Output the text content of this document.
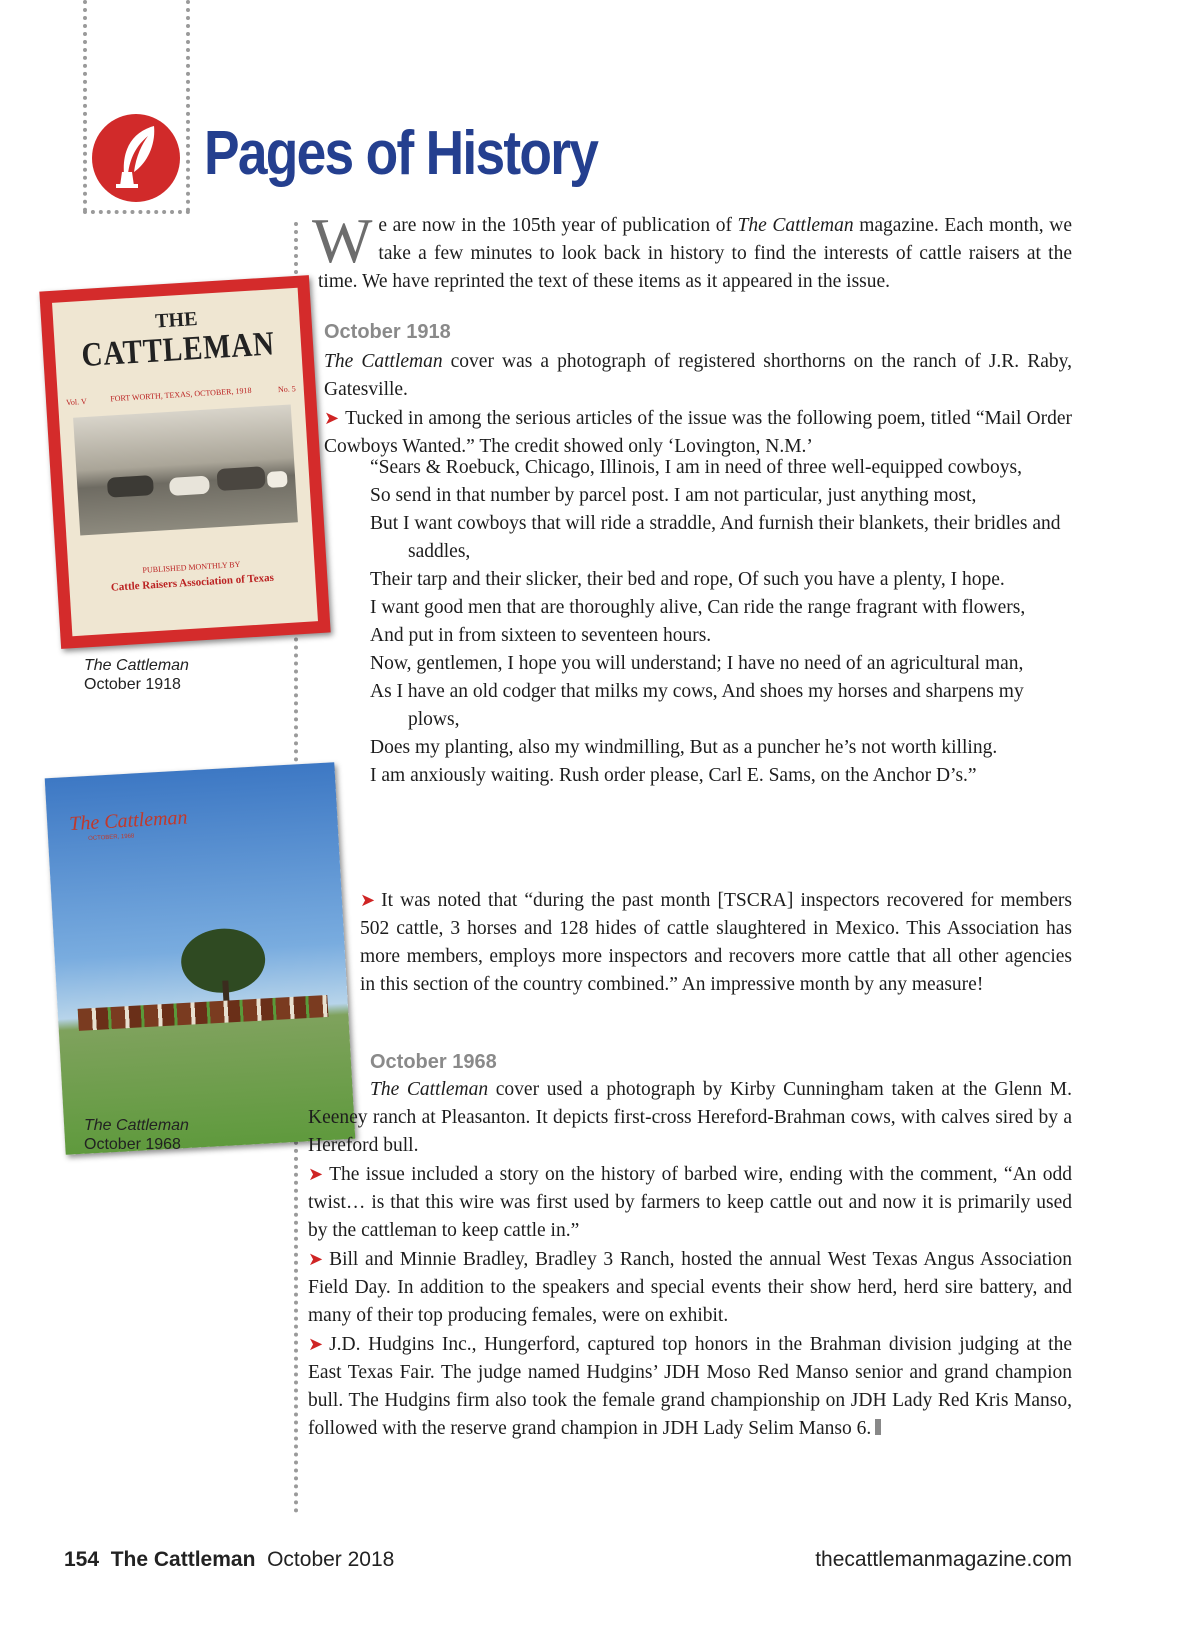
Pages of History
THE
CATTLEMAN
Vol. V	FORT WORTH, TEXAS, OCTOBER, 1918	No. 5
PUBLISHED MONTHLY BY
Cattle Raisers Association of Texas
The Cattleman
October 1918
The Cattleman
OCTOBER, 1968
The Cattleman
October 1968

We are now in the 105th year of publication of The Cattleman magazine. Each month, we take a few minutes to look back in history to find the interests of cattle raisers at the time. We have reprinted the text of these items as it appeared in the issue.

October 1918

The Cattleman cover was a photograph of registered shorthorns on the ranch of J.R. Raby, Gatesville.

➤ Tucked in among the serious articles of the issue was the following poem, titled “Mail Order Cowboys Wanted.” The credit showed only ‘Lovington, N.M.’

“Sears & Roebuck, Chicago, Illinois, I am in need of three well-equipped cowboys,

So send in that number by parcel post. I am not particular, just anything most,

But I want cowboys that will ride a straddle, And furnish their blankets, their bridles and saddles,

Their tarp and their slicker, their bed and rope, Of such you have a plenty, I hope.

I want good men that are thoroughly alive, Can ride the range fragrant with flowers,

And put in from sixteen to seventeen hours.

Now, gentlemen, I hope you will understand; I have no need of an agricultural man,

As I have an old codger that milks my cows, And shoes my horses and sharpens my plows,

Does my planting, also my windmilling, But as a puncher he’s not worth killing.

I am anxiously waiting. Rush order please, Carl E. Sams, on the Anchor D’s.”

➤ It was noted that “during the past month [TSCRA] inspectors recovered for members 502 cattle, 3 horses and 128 hides of cattle slaughtered in Mexico. This Association has more members, employs more inspectors and recovers more cattle that all other agencies in this section of the country combined.” An impressive month by any measure!

October 1968

The Cattleman cover used a photograph by Kirby Cunningham taken at the Glenn M. Keeney ranch at Pleasanton. It depicts first-cross Hereford-Brahman cows, with calves sired by a Hereford bull.

➤ The issue included a story on the history of barbed wire, ending with the comment, “An odd twist… is that this wire was first used by farmers to keep cattle out and now it is primarily used by the cattleman to keep cattle in.”

➤ Bill and Minnie Bradley, Bradley 3 Ranch, hosted the annual West Texas Angus Association Field Day. In addition to the speakers and special events their show herd, herd sire battery, and many of their top producing females, were on exhibit.

➤ J.D. Hudgins Inc., Hungerford, captured top honors in the Brahman division judging at the East Texas Fair. The judge named Hudgins’ JDH Moso Red Manso senior and grand champion bull. The Hudgins firm also took the female grand championship on JDH Lady Red Kris Manso, followed with the reserve grand champion in JDH Lady Selim Manso 6.

154 The Cattleman October 2018	thecattlemanmagazine.com
